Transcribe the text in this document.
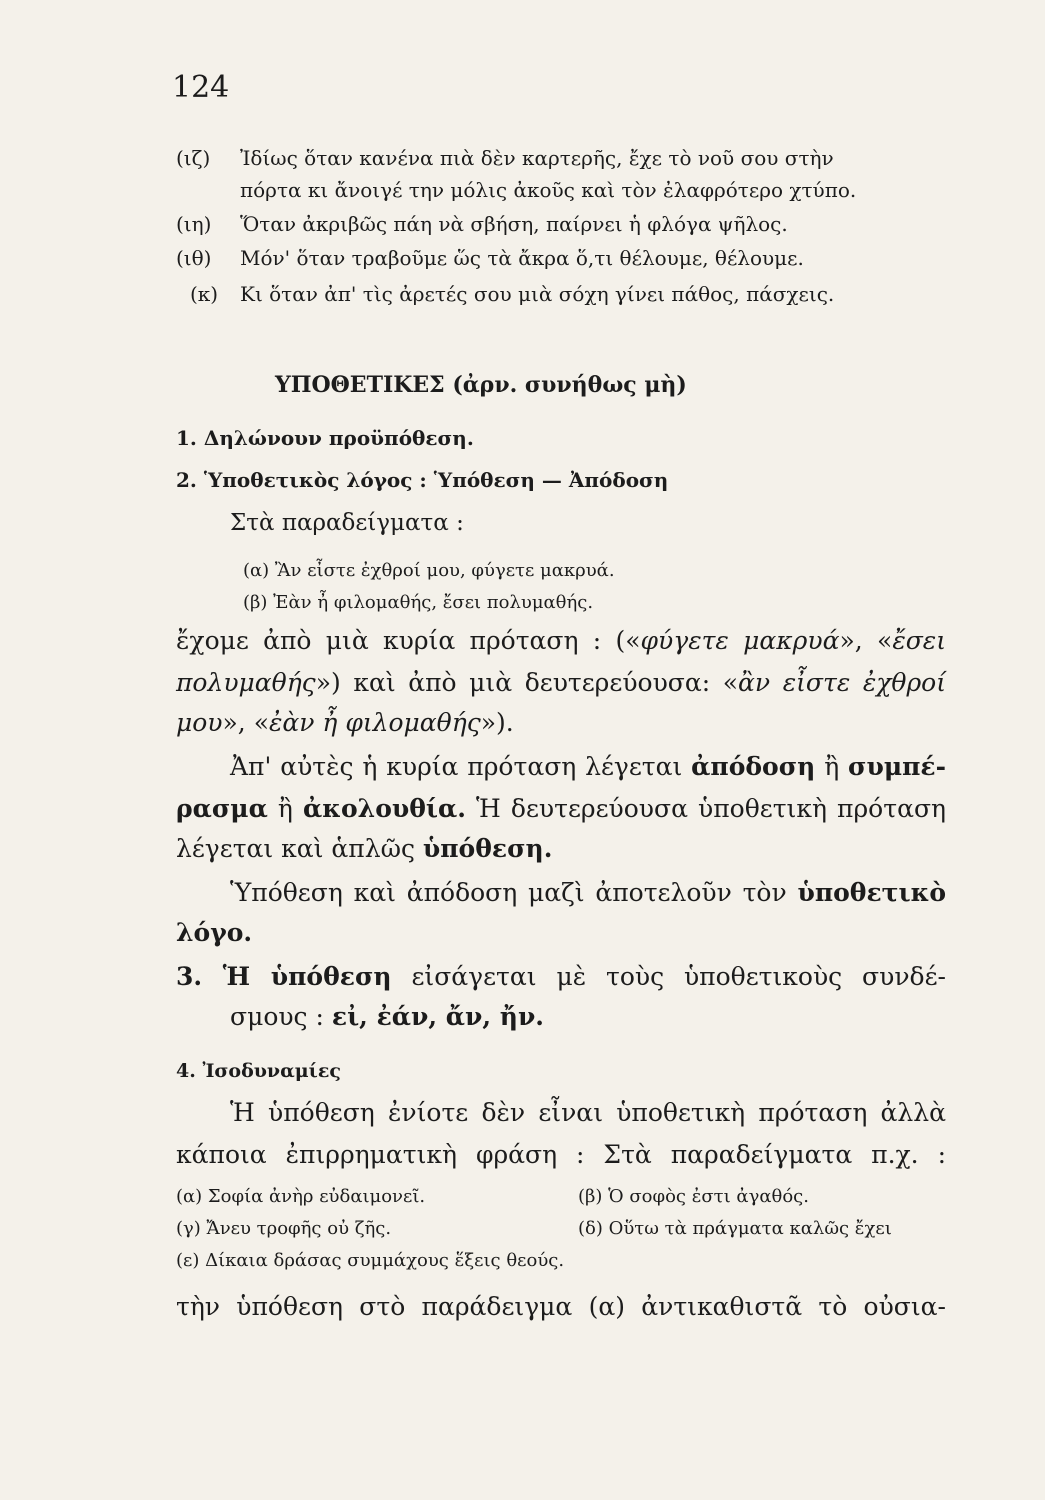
124
(ιζ) Ἰδίως ὅταν κανένα πιὰ δὲν καρτερῆς, ἔχε τὸ νοῦ σου στὴν
πόρτα κι ἄνοιγέ την μόλις ἀκοῦς καὶ τὸν ἐλαφρότερο χτύπο.
(ιη) Ὅταν ἀκριβῶς πάη νὰ σβήση, παίρνει ἡ φλόγα ψῆλος.
(ιθ) Μόν' ὅταν τραβοῦμε ὥς τὰ ἄκρα ὅ,τι θέλουμε, θέλουμε.
(κ) Κι ὅταν ἀπ' τὶς ἀρετές σου μιὰ σόχη γίνει πάθος, πάσχεις.
ΥΠΟΘΕΤΙΚΕΣ (ἀρν. συνήθως μὴ)
1. Δηλώνουν προϋπόθεση.
2. Ὑποθετικὸς λόγος : Ὑπόθεση — Ἀπόδοση
Στὰ παραδείγματα :
(α) Ἂν εἶστε ἐχθροί μου, φύγετε μακρυά.
(β) Ἐὰν ἦ φιλομαθής, ἔσει πολυμαθής.
ἔχομε ἀπὸ μιὰ κυρία πρόταση : («φύγετε μακρυά», «ἔσει
πολυμαθής») καὶ ἀπὸ μιὰ δευτερεύουσα: «ἂν εἶστε ἐχθροί
μου», «ἐὰν ἦ φιλομαθής»).
Ἀπ' αὐτὲς ἡ κυρία πρόταση λέγεται ἀπόδοση ἢ συμπέ-
ρασμα ἢ ἀκολουθία. Ἡ δευτερεύουσα ὑποθετικὴ πρόταση
λέγεται καὶ ἁπλῶς ὑπόθεση.
Ὑπόθεση καὶ ἀπόδοση μαζὶ ἀποτελοῦν τὸν ὑποθετικὸ
λόγο.
3. Ἡ ὑπόθεση εἰσάγεται μὲ τοὺς ὑποθετικοὺς συνδέ-
σμους : εἰ, ἐάν, ἄν, ἤν.
4. Ἰσοδυναμίες
Ἡ ὑπόθεση ἐνίοτε δὲν εἶναι ὑποθετικὴ πρόταση ἀλλὰ
κάποια ἐπιρρηματικὴ φράση : Στὰ παραδείγματα π.χ. :
(α) Σοφία ἀνὴρ εὐδαιμονεῖ.	(β) Ὁ σοφὸς ἐστι ἀγαθός.
(γ) Ἄνευ τροφῆς οὐ ζῆς.	(δ) Οὕτω τὰ πράγματα καλῶς ἔχει
(ε) Δίκαια δράσας συμμάχους ἕξεις θεούς.
τὴν ὑπόθεση στὸ παράδειγμα (α) ἀντικαθιστᾶ τὸ οὐσια-
